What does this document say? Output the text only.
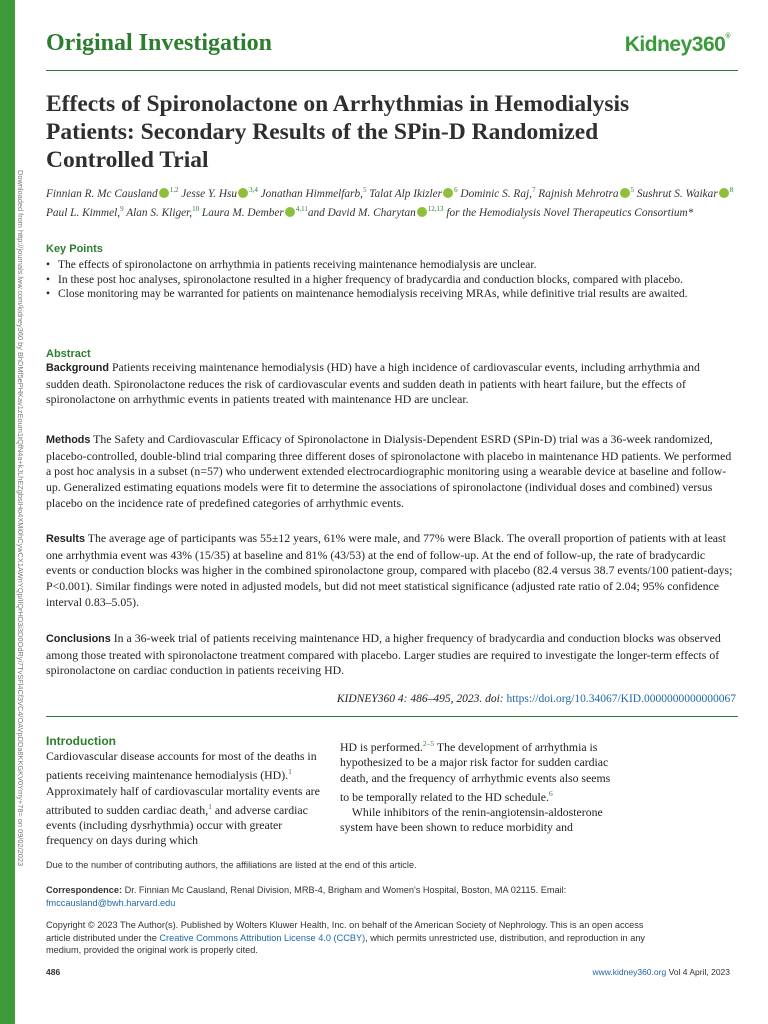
Downloaded from http://journals.lww.com/kidney360 by BhDMf5ePHKav1zEoum1tQfN4a+kJLhEZgbsIHo4XMi0hCywCX1AWnYQp/IlQrHD3i3D0OdRyi7TvSFl4Cf3VC4/OAVpDDa8KKGKV0Ymy+78= on 09/02/2023
Original Investigation	Kidney360®
Effects of Spironolactone on Arrhythmias in Hemodialysis Patients: Secondary Results of the SPin-D Randomized Controlled Trial
Finnian R. Mc Causland $^{1,2}$ Jesse Y. Hsu $^{3,4}$ Jonathan Himmelfarb,$^5$ Talat Alp Ikizler $^6$ Dominic S. Raj,$^7$ Rajnish Mehrotra $^5$ Sushrut S. Waikar $^8$ Paul L. Kimmel,$^9$ Alan S. Kliger,$^{10}$ Laura M. Dember $^{4,11}$and David M. Charytan $^{12,13}$ for the Hemodialysis Novel Therapeutics Consortium*
Key Points
• The effects of spironolactone on arrhythmia in patients receiving maintenance hemodialysis are unclear.
• In these post hoc analyses, spironolactone resulted in a higher frequency of bradycardia and conduction blocks, compared with placebo.
• Close monitoring may be warranted for patients on maintenance hemodialysis receiving MRAs, while definitive trial results are awaited.
Abstract

Background Patients receiving maintenance hemodialysis (HD) have a high incidence of cardiovascular events, including arrhythmia and sudden death. Spironolactone reduces the risk of cardiovascular events and sudden death in patients with heart failure, but the effects of spironolactone on arrhythmic events in patients treated with maintenance HD are unclear.

Methods The Safety and Cardiovascular Efficacy of Spironolactone in Dialysis-Dependent ESRD (SPin-D) trial was a 36-week randomized, placebo-controlled, double-blind trial comparing three different doses of spironolactone with placebo in maintenance HD patients. We performed a post hoc analysis in a subset (n=57) who underwent extended electrocardiographic monitoring using a wearable device at baseline and follow-up. Generalized estimating equations models were fit to determine the associations of spironolactone (individual doses and combined) versus placebo on the incidence rate of predefined categories of arrhythmic events.

Results The average age of participants was 55±12 years, 61% were male, and 77% were Black. The overall proportion of patients with at least one arrhythmia event was 43% (15/35) at baseline and 81% (43/53) at the end of follow-up. At the end of follow-up, the rate of bradycardic events or conduction blocks was higher in the combined spironolactone group, compared with placebo (82.4 versus 38.7 events/100 patient-days; P<0.001). Similar findings were noted in adjusted models, but did not meet statistical significance (adjusted rate ratio of 2.04; 95% confidence interval 0.83–5.05).

Conclusions In a 36-week trial of patients receiving maintenance HD, a higher frequency of bradycardia and conduction blocks was observed among those treated with spironolactone treatment compared with placebo. Larger studies are required to investigate the longer-term effects of spironolactone on cardiac conduction in patients receiving HD.

KIDNEY360 4: 486–495, 2023. doi: https://doi.org/10.34067/KID.0000000000000067
Introduction

Cardiovascular disease accounts for most of the deaths in patients receiving maintenance hemodialysis (HD).$^1$ Approximately half of cardiovascular mortality events are attributed to sudden cardiac death,$^1$ and adverse cardiac events (including dysrhythmia) occur with greater frequency on days during which

HD is performed.$^{2-5}$ The development of arrhythmia is hypothesized to be a major risk factor for sudden cardiac death, and the frequency of arrhythmic events also seems to be temporally related to the HD schedule.$^6$
While inhibitors of the renin-angiotensin-aldosterone system have been shown to reduce morbidity and

Due to the number of contributing authors, the affiliations are listed at the end of this article.
Correspondence: Dr. Finnian Mc Causland, Renal Division, MRB-4, Brigham and Women's Hospital, Boston, MA 02115. Email: fmccausland@bwh.harvard.edu
Copyright © 2023 The Author(s). Published by Wolters Kluwer Health, Inc. on behalf of the American Society of Nephrology. This is an open access article distributed under the Creative Commons Attribution License 4.0 (CCBY), which permits unrestricted use, distribution, and reproduction in any medium, provided the original work is properly cited.
486	www.kidney360.org Vol 4 April, 2023
